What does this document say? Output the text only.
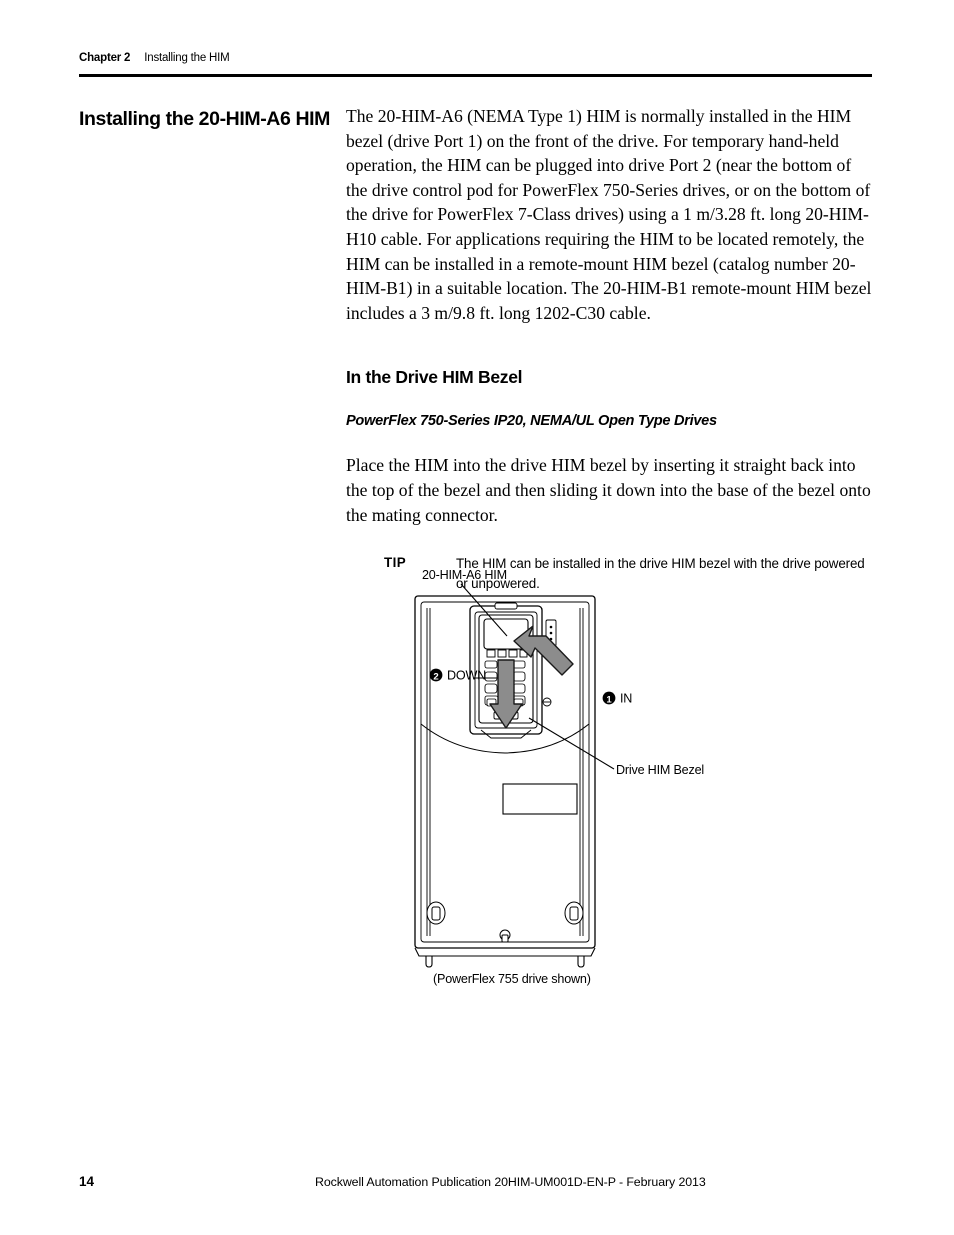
Chapter 2 Installing the HIM
Installing the 20-HIM-A6 HIM The 20-HIM-A6 (NEMA Type 1) HIM is normally installed in the HIM bezel (drive Port 1) on the front of the drive. For temporary hand-held operation, the HIM can be plugged into drive Port 2 (near the bottom of the drive control pod for PowerFlex 750-Series drives, or on the bottom of the drive for PowerFlex 7-Class drives) using a 1 m/3.28 ft. long 20-HIM-H10 cable. For applications requiring the HIM to be located remotely, the HIM can be installed in a remote-mount HIM bezel (catalog number 20-HIM-B1) in a suitable location. The 20-HIM-B1 remote-mount HIM bezel includes a 3 m/9.8 ft. long 1202-C30 cable.

In the Drive HIM Bezel
PowerFlex 750-Series IP20, NEMA/UL Open Type Drives

Place the HIM into the drive HIM bezel by inserting it straight back into the top of the bezel and then sliding it down into the base of the bezel onto the mating connector.

TIP	The HIM can be installed in the drive HIM bezel with the drive powered or unpowered.
20-HIM-A6 HIM
2 DOWN
1 IN
Drive HIM Bezel
(PowerFlex 755 drive shown)
14	Rockwell Automation Publication 20HIM-UM001D-EN-P - February 2013
